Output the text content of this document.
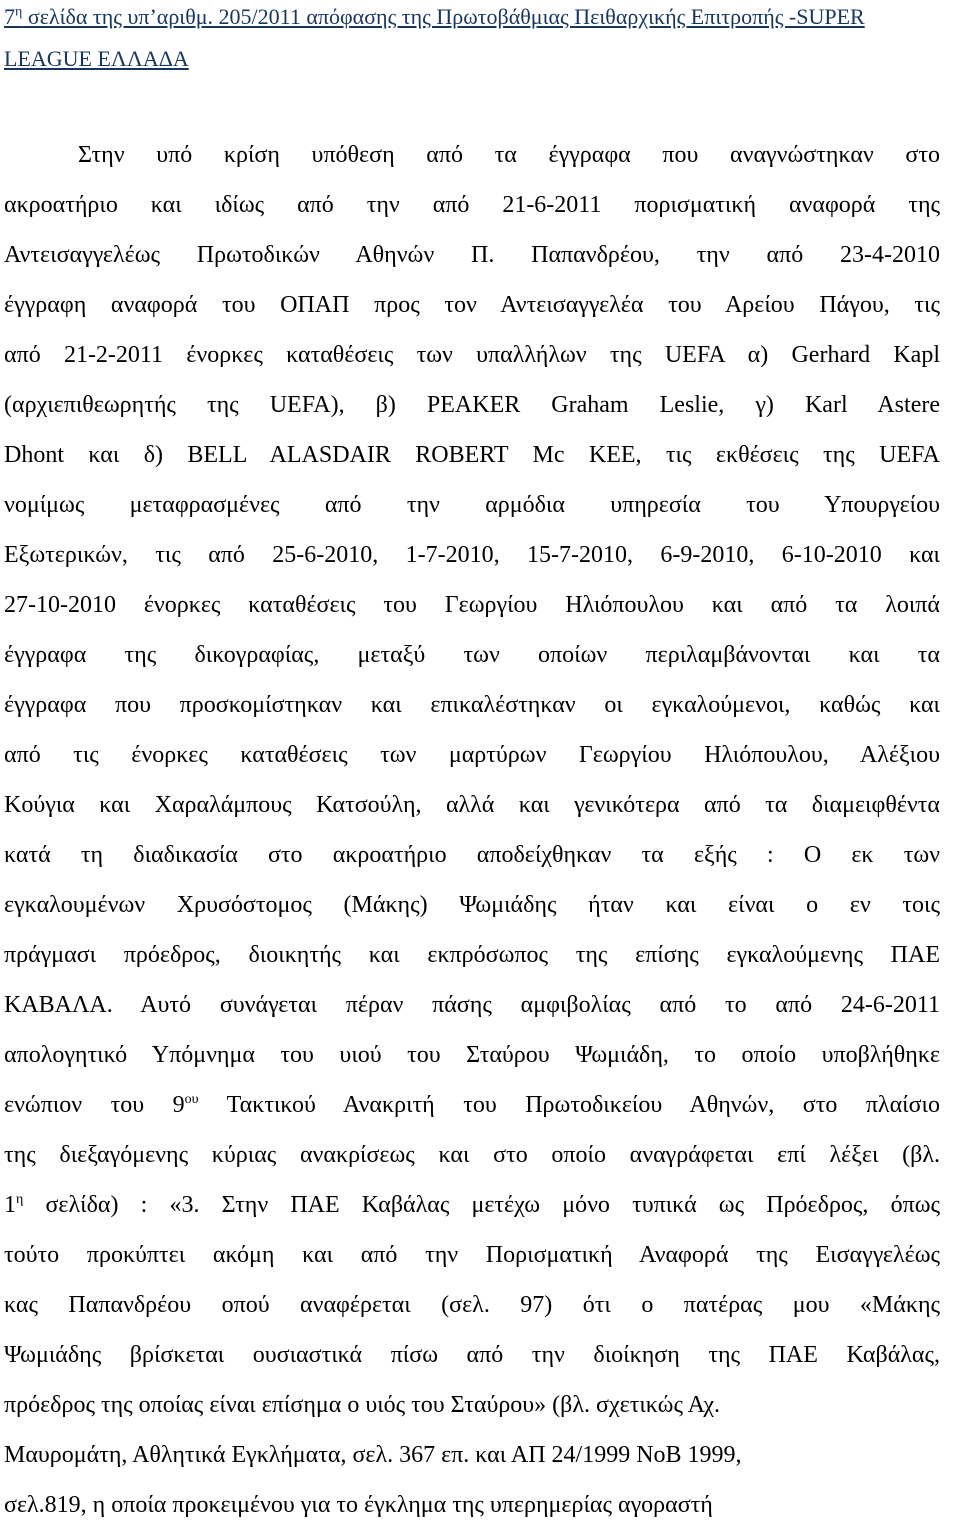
$7^\eta$ σελίδα της υπ’αριθμ. 205/2011 απόφασης της Πρωτοβάθμιας Πειθαρχικής Επιτροπής -SUPER
LEAGUE ΕΛΛΑΔΑ
Στην υπό κρίση υπόθεση από τα έγγραφα που αναγνώστηκαν στο
ακροατήριο και ιδίως από την από 21-6-2011 πορισματική αναφορά της
Αντεισαγγελέως Πρωτοδικών Αθηνών Π. Παπανδρέου, την από 23-4-2010
έγγραφη αναφορά του ΟΠΑΠ προς τον Αντεισαγγελέα του Αρείου Πάγου, τις
από 21-2-2011 ένορκες καταθέσεις των υπαλλήλων της UEFA α) Gerhard Kapl
(αρχιεπιθεωρητής της UEFA), β) PEAKER Graham Leslie, γ) Karl Astere
Dhont και δ) BELL ALASDAIR ROBERT Mc KEE, τις εκθέσεις της UEFA
νομίμως μεταφρασμένες από την αρμόδια υπηρεσία του Υπουργείου
Εξωτερικών, τις από 25-6-2010, 1-7-2010, 15-7-2010, 6-9-2010, 6-10-2010 και
27-10-2010 ένορκες καταθέσεις του Γεωργίου Ηλιόπουλου και από τα λοιπά
έγγραφα της δικογραφίας, μεταξύ των οποίων περιλαμβάνονται και τα
έγγραφα που προσκομίστηκαν και επικαλέστηκαν οι εγκαλούμενοι, καθώς και
από τις ένορκες καταθέσεις των μαρτύρων Γεωργίου Ηλιόπουλου, Αλέξιου
Κούγια και Χαραλάμπους Κατσούλη, αλλά και γενικότερα από τα διαμειφθέντα
κατά τη διαδικασία στο ακροατήριο αποδείχθηκαν τα εξής : Ο εκ των
εγκαλουμένων Χρυσόστομος (Μάκης) Ψωμιάδης ήταν και είναι ο εν τοις
πράγμασι πρόεδρος, διοικητής και εκπρόσωπος της επίσης εγκαλούμενης ΠΑΕ
ΚΑΒΑΛΑ. Αυτό συνάγεται πέραν πάσης αμφιβολίας από το από 24-6-2011
απολογητικό Υπόμνημα του υιού του Σταύρου Ψωμιάδη, το οποίο υποβλήθηκε
ενώπιον του $9^{o\upsilon}$ Τακτικού Ανακριτή του Πρωτοδικείου Αθηνών, στο πλαίσιο
της διεξαγόμενης κύριας ανακρίσεως και στο οποίο αναγράφεται επί λέξει (βλ.
$1^\eta$ σελίδα) : «3. Στην ΠΑΕ Καβάλας μετέχω μόνο τυπικά ως Πρόεδρος, όπως
τούτο προκύπτει ακόμη και από την Πορισματική Αναφορά της Εισαγγελέως
κας Παπανδρέου οπού αναφέρεται (σελ. 97) ότι ο πατέρας μου «Μάκης
Ψωμιάδης βρίσκεται ουσιαστικά πίσω από την διοίκηση της ΠΑΕ Καβάλας,
πρόεδρος της οποίας είναι επίσημα ο υιός του Σταύρου» (βλ. σχετικώς Αχ.
Μαυρομάτη, Αθλητικά Εγκλήματα, σελ. 367 επ. και ΑΠ 24/1999 ΝοΒ 1999,
σελ.819, η οποία προκειμένου για το έγκλημα της υπερημερίας αγοραστή
